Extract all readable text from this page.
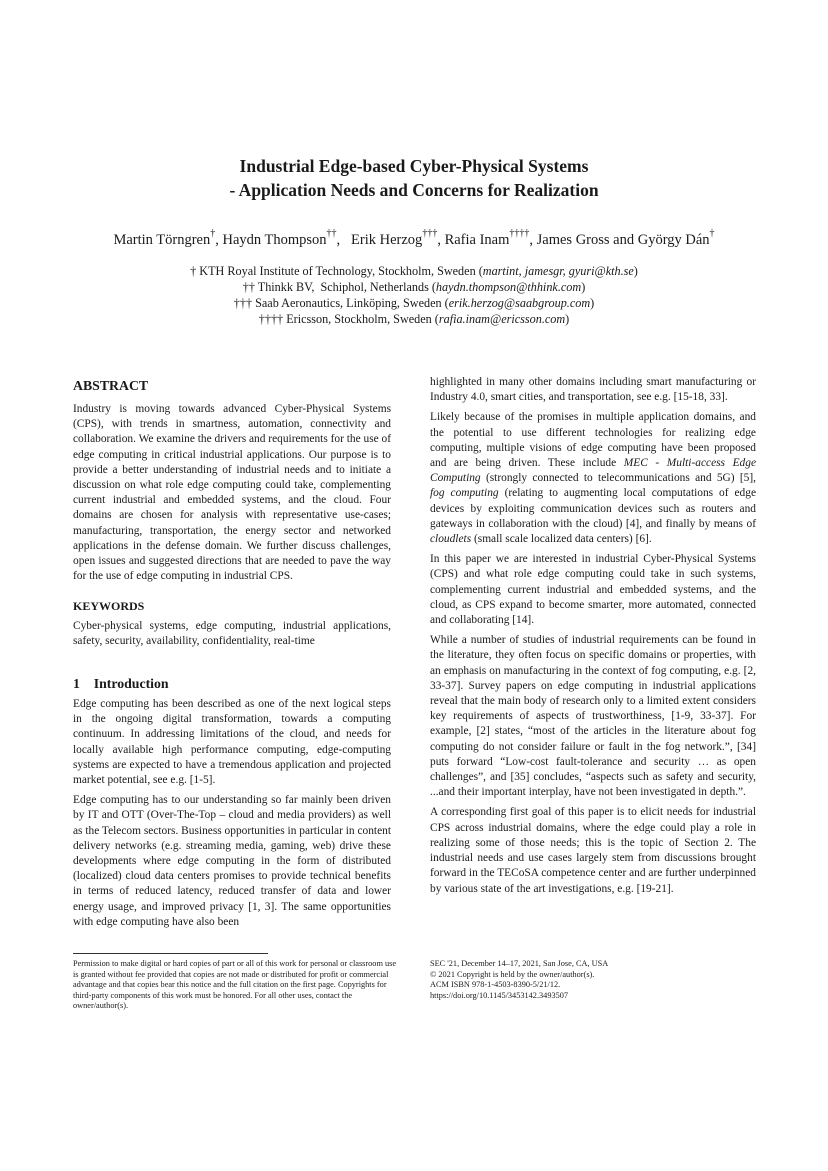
Industrial Edge-based Cyber-Physical Systems
- Application Needs and Concerns for Realization
Martin Törngren†, Haydn Thompson††,   Erik Herzog†††, Rafia Inam††††, James Gross and György Dán†
† KTH Royal Institute of Technology, Stockholm, Sweden (martint, jamesgr, gyuri@kth.se)
†† Thinkk BV,  Schiphol, Netherlands (haydn.thompson@thhink.com)
††† Saab Aeronautics, Linköping, Sweden (erik.herzog@saabgroup.com)
†††† Ericsson, Stockholm, Sweden (rafia.inam@ericsson.com)
ABSTRACT

Industry is moving towards advanced Cyber-Physical Systems (CPS), with trends in smartness, automation, connectivity and collaboration. We examine the drivers and requirements for the use of edge computing in critical industrial applications. Our purpose is to provide a better understanding of industrial needs and to initiate a discussion on what role edge computing could take, complementing current industrial and embedded systems, and the cloud. Four domains are chosen for analysis with representative use-cases; manufacturing, transportation, the energy sector and networked applications in the defense domain. We further discuss challenges, open issues and suggested directions that are needed to pave the way for the use of edge computing in industrial CPS.

KEYWORDS

Cyber-physical systems, edge computing, industrial applications, safety, security, availability, confidentiality, real-time

1    Introduction

Edge computing has been described as one of the next logical steps in the ongoing digital transformation, towards a computing continuum. In addressing limitations of the cloud, and needs for locally available high performance computing, edge-computing systems are expected to have a tremendous application and projected market potential, see e.g. [1-5].

Edge computing has to our understanding so far mainly been driven by IT and OTT (Over-The-Top – cloud and media providers) as well as the Telecom sectors. Business opportunities in particular in content delivery networks (e.g. streaming media, gaming, web) drive these developments where edge computing in the form of distributed (localized) cloud data centers promises to provide technical benefits in terms of reduced latency, reduced transfer of data and lower energy usage, and improved privacy [1, 3]. The same opportunities with edge computing have also been

highlighted in many other domains including smart manufacturing or Industry 4.0, smart cities, and transportation, see e.g. [15-18, 33].

Likely because of the promises in multiple application domains, and the potential to use different technologies for realizing edge computing, multiple visions of edge computing have been proposed and are being driven. These include MEC - Multi-access Edge Computing (strongly connected to telecommunications and 5G) [5], fog computing (relating to augmenting local computations of edge devices by exploiting communication devices such as routers and gateways in collaboration with the cloud) [4], and finally by means of cloudlets (small scale localized data centers) [6].

In this paper we are interested in industrial Cyber-Physical Systems (CPS) and what role edge computing could take in such systems, complementing current industrial and embedded systems, and the cloud, as CPS expand to become smarter, more automated, connected and collaborating [14].

While a number of studies of industrial requirements can be found in the literature, they often focus on specific domains or properties, with an emphasis on manufacturing in the context of fog computing, e.g. [2, 33-37]. Survey papers on edge computing in industrial applications reveal that the main body of research only to a limited extent considers key requirements of aspects of trustworthiness, [1-9, 33-37]. For example, [2] states, “most of the articles in the literature about fog computing do not consider failure or fault in the fog network.”, [34] puts forward “Low-cost fault-tolerance and security … as open challenges”, and [35] concludes, “aspects such as safety and security, ...and their important interplay, have not been investigated in depth.”.

A corresponding first goal of this paper is to elicit needs for industrial CPS across industrial domains, where the edge could play a role in realizing some of those needs; this is the topic of Section 2. The industrial needs and use cases largely stem from discussions brought forward in the TECoSA competence center and are further underpinned by various state of the art investigations, e.g. [19-21].

Permission to make digital or hard copies of part or all of this work for personal or classroom use is granted without fee provided that copies are not made or distributed for profit or commercial advantage and that copies bear this notice and the full citation on the first page. Copyrights for third-party components of this work must be honored. For all other uses, contact the owner/author(s).
SEC '21, December 14–17, 2021, San Jose, CA, USA
© 2021 Copyright is held by the owner/author(s).
ACM ISBN 978-1-4503-8390-5/21/12.
https://doi.org/10.1145/3453142.3493507
